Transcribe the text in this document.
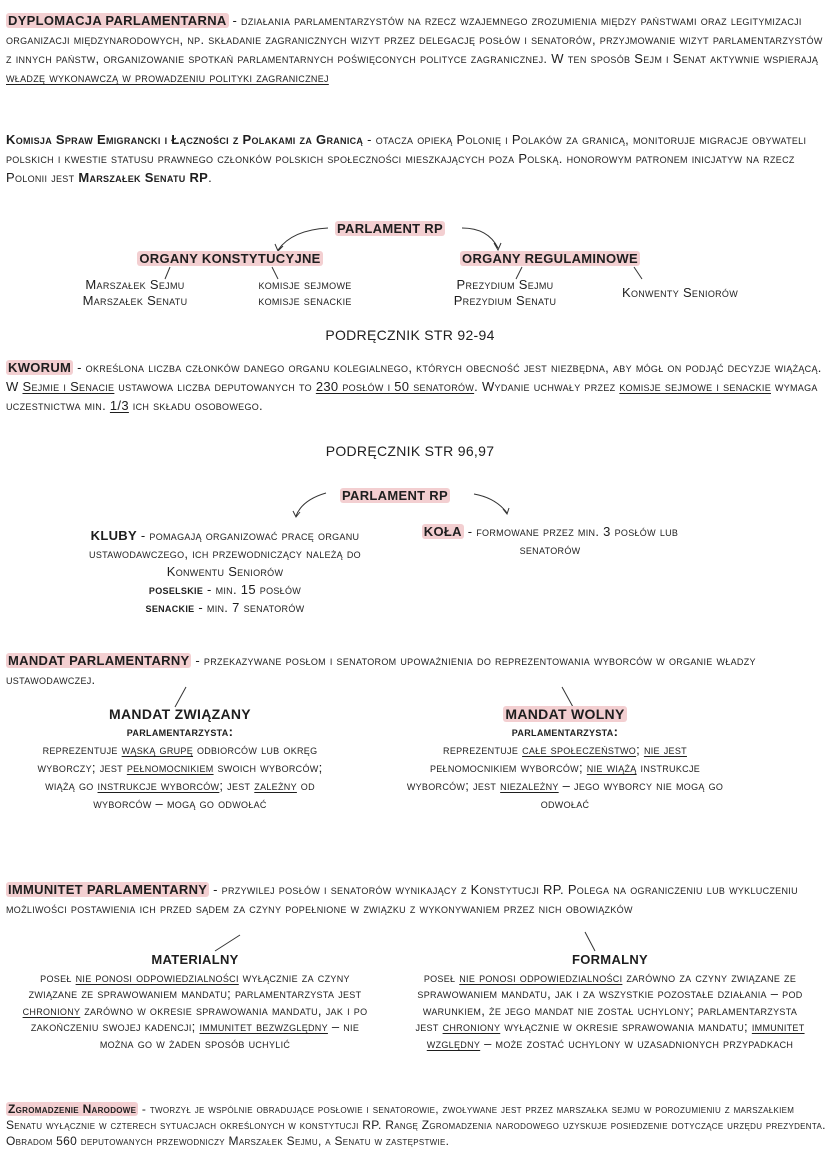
DYPLOMACJA PARLAMENTARNA - działania parlamentarzystów na rzecz wzajemnego zrozumienia między państwami oraz legitymizacji organizacji międzynarodowych, np. składanie zagranicznych wizyt przez delegację posłów i senatorów, przyjmowanie wizyt parlamentarzystów z innych państw, organizowanie spotkań parlamentarnych poświęconych polityce zagranicznej. W ten sposób Sejm i Senat aktywnie wspierają władzę wykonawczą w prowadzeniu polityki zagranicznej
Komisja Spraw Emigrancki i Łączności z Polakami za Granicą - otacza opieką Polonię i Polaków za granicą, monitoruje migracje obywateli polskich i kwestie statusu prawnego członków polskich społeczności mieszkających poza Polską. honorowym patronem inicjatyw na rzecz Polonii jest Marszałek Senatu RP.
PARLAMENT RP
ORGANY KONSTYTUCYJNE	ORGANY REGULAMINOWE
Marszałek Sejmu
Marszałek Senatu
komisje sejmowe
komisje senackie
Prezydium Sejmu
Prezydium Senatu
Konwenty Seniorów
PODRĘCZNIK STR 92-94
KWORUM - określona liczba członków danego organu kolegialnego, których obecność jest niezbędna, aby mógł on podjąć decyzje wiążącą. W Sejmie i Senacie ustawowa liczba deputowanych to 230 posłów i 50 senatorów. Wydanie uchwały przez komisje sejmowe i senackie wymaga uczestnictwa min. 1/3 ich składu osobowego.
PODRĘCZNIK STR 96,97
PARLAMENT RP
KLUBY - pomagają organizować pracę organu ustawodawczego, ich przewodniczący należą do Konwentu Seniorów
poselskie - min. 15 posłów
senackie - min. 7 senatorów
KOŁA - formowane przez min. 3 posłów lub senatorów
MANDAT PARLAMENTARNY - przekazywane posłom i senatorom upoważnienia do reprezentowania wyborców w organie władzy ustawodawczej.
MANDAT ZWIĄZANY
parlamentarzysta:
reprezentuje wąską grupę odbiorców lub okręg wyborczy; jest pełnomocnikiem swoich wyborców; wiążą go instrukcje wyborców; jest zależny od wyborców – mogą go odwołać
MANDAT WOLNY
parlamentarzysta:
reprezentuje całe społeczeństwo; nie jest pełnomocnikiem wyborców; nie wiążą instrukcje wyborców; jest niezależny – jego wyborcy nie mogą go odwołać
IMMUNITET PARLAMENTARNY - przywilej posłów i senatorów wynikający z Konstytucji RP. Polega na ograniczeniu lub wykluczeniu możliwości postawienia ich przed sądem za czyny popełnione w związku z wykonywaniem przez nich obowiązków
MATERIALNY
poseł nie ponosi odpowiedzialności wyłącznie za czyny związane ze sprawowaniem mandatu; parlamentarzysta jest chroniony zarówno w okresie sprawowania mandatu, jak i po zakończeniu swojej kadencji; immunitet bezwzględny – nie można go w żaden sposób uchylić
FORMALNY
poseł nie ponosi odpowiedzialności zarówno za czyny związane ze sprawowaniem mandatu, jak i za wszystkie pozostałe działania – pod warunkiem, że jego mandat nie został uchylony; parlamentarzysta jest chroniony wyłącznie w okresie sprawowania mandatu; immunitet względny – może zostać uchylony w uzasadnionych przypadkach
Zgromadzenie Narodowe - tworzył je wspólnie obradujące posłowie i senatorowie, zwoływane jest przez marszałka sejmu w porozumieniu z marszałkiem Senatu wyłącznie w czterech sytuacjach określonych w konstytucji RP. Rangę Zgromadzenia narodowego uzyskuje posiedzenie dotyczące urzędu prezydenta. Obradom 560 deputowanych przewodniczy Marszałek Sejmu, a Senatu w zastępstwie.
